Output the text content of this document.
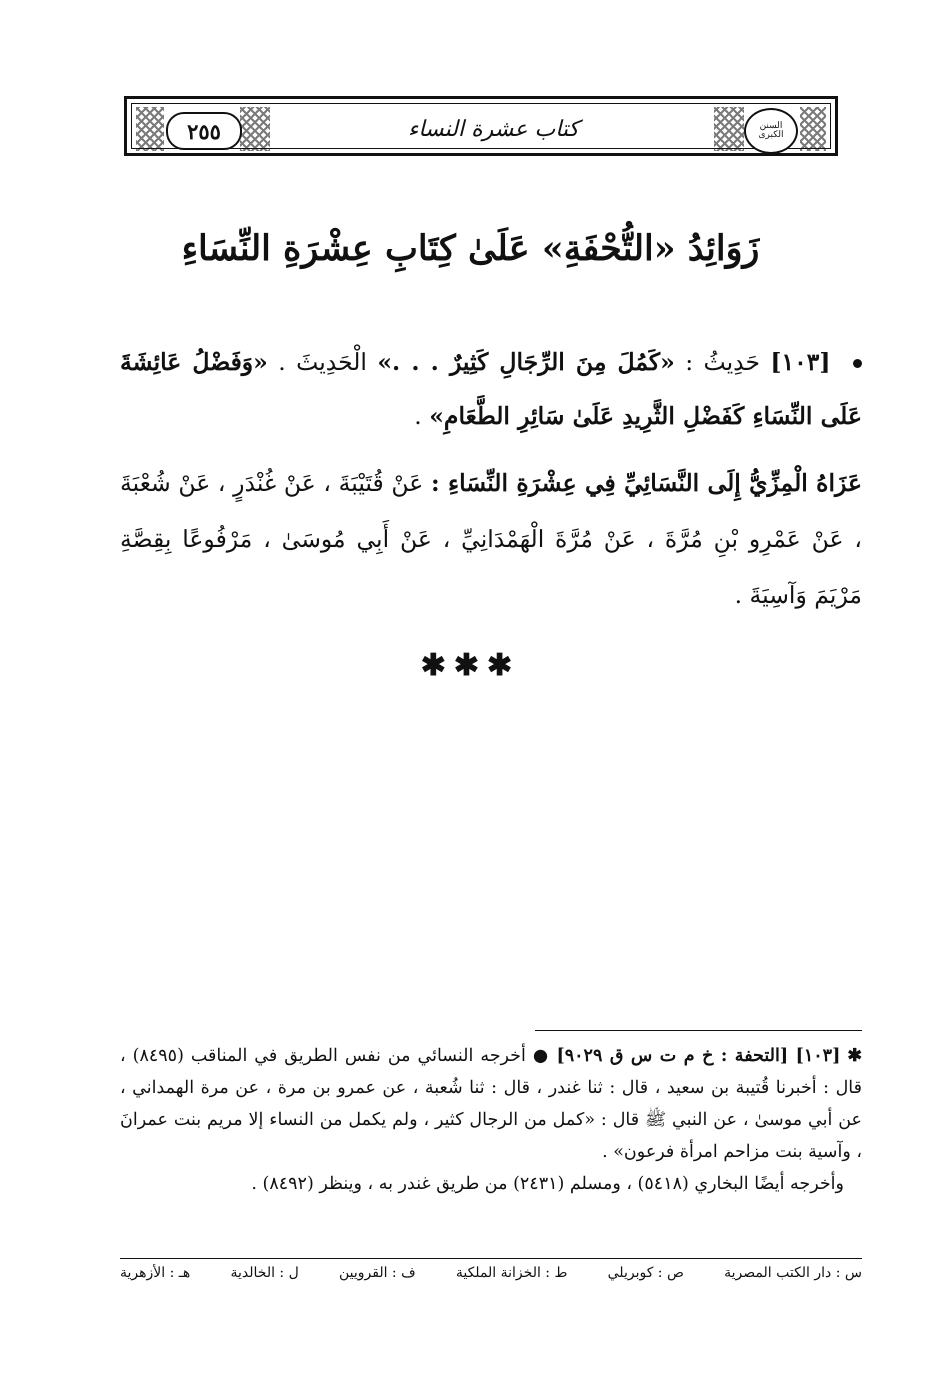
٢٥٥	كتاب عشرة النساء	السنن الكبرى
زَوَائِدُ «التُّحْفَةِ» عَلَىٰ كِتَابِ عِشْرَةِ النِّسَاءِ
[١٠٣] حَدِيثُ : «كَمُلَ مِنَ الرِّجَالِ كَثِيرٌ . . .» الْحَدِيثَ . «وَفَضْلُ عَائِشَةَ عَلَى النِّسَاءِ كَفَضْلِ الثَّرِيدِ عَلَىٰ سَائِرِ الطَّعَامِ» .
عَزَاهُ الْمِزِّيُّ إِلَى النَّسَائِيِّ فِي عِشْرَةِ النِّسَاءِ : عَنْ قُتَيْبَةَ ، عَنْ غُنْدَرٍ ، عَنْ شُعْبَةَ ، عَنْ عَمْرِو بْنِ مُرَّةَ ، عَنْ مُرَّةَ الْهَمْدَانِيِّ ، عَنْ أَبِي مُوسَىٰ ، مَرْفُوعًا بِقِصَّةِ مَرْيَمَ وَآسِيَةَ .
✱✱✱
✱ [١٠٣] [التحفة : خ م ت س ق ٩٠٢٩] ● أخرجه النسائي من نفس الطريق في المناقب (٨٤٩٥) ، قال : أخبرنا قُتيبة بن سعيد ، قال : ثنا غندر ، قال : ثنا شُعبة ، عن عمرو بن مرة ، عن مرة الهمداني ، عن أبي موسىٰ ، عن النبي ﷺ قال : «كمل من الرجال كثير ، ولم يكمل من النساء إلا مريم بنت عمرانَ ، وآسية بنت مزاحم امرأة فرعون» .
وأخرجه أيضًا البخاري (٥٤١٨) ، ومسلم (٢٤٣١) من طريق غندر به ، وينظر (٨٤٩٢) .
س : دار الكتب المصرية
ص : كوبريلي
ط : الخزانة الملكية
ف : القرويين
ل : الخالدية
هـ : الأزهرية
